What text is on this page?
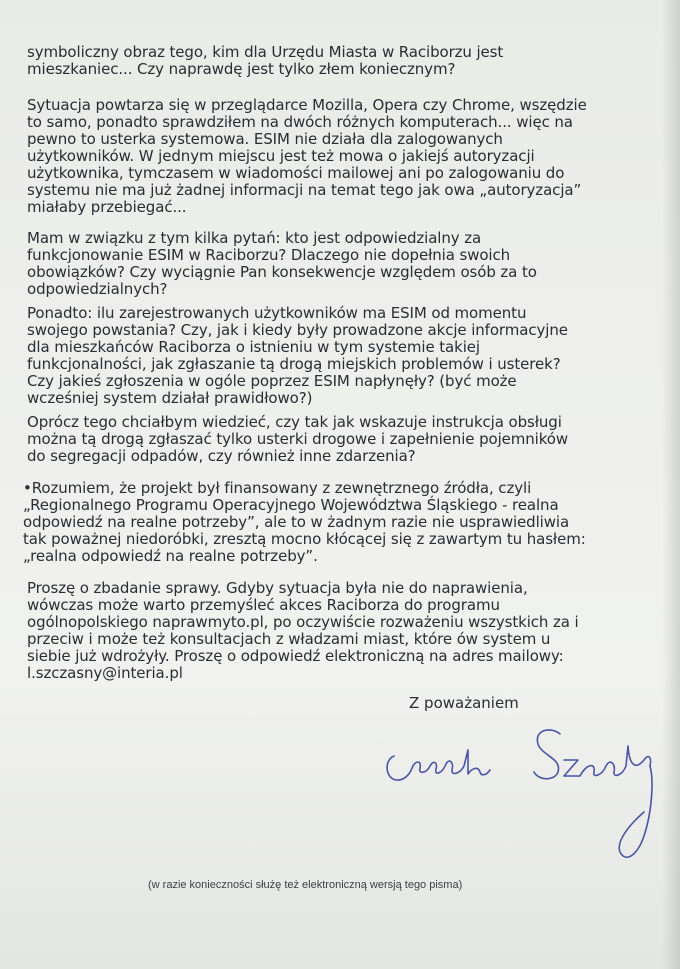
symboliczny obraz tego, kim dla Urzędu Miasta w Raciborzu jest
mieszkaniec... Czy naprawdę jest tylko złem koniecznym?

Sytuacja powtarza się w przeglądarce Mozilla, Opera czy Chrome, wszędzie
to samo, ponadto sprawdziłem na dwóch różnych komputerach... więc na
pewno to usterka systemowa. ESIM nie działa dla zalogowanych
użytkowników. W jednym miejscu jest też mowa o jakiejś autoryzacji
użytkownika, tymczasem w wiadomości mailowej ani po zalogowaniu do
systemu nie ma już żadnej informacji na temat tego jak owa „autoryzacja”
miałaby przebiegać...

Mam w związku z tym kilka pytań: kto jest odpowiedzialny za
funkcjonowanie ESIM w Raciborzu? Dlaczego nie dopełnia swoich
obowiązków? Czy wyciągnie Pan konsekwencje względem osób za to
odpowiedzialnych?

Ponadto: ilu zarejestrowanych użytkowników ma ESIM od momentu
swojego powstania? Czy, jak i kiedy były prowadzone akcje informacyjne
dla mieszkańców Raciborza o istnieniu w tym systemie takiej
funkcjonalności, jak zgłaszanie tą drogą miejskich problemów i usterek?
Czy jakieś zgłoszenia w ogóle poprzez ESIM napłynęły? (być może
wcześniej system działał prawidłowo?)

Oprócz tego chciałbym wiedzieć, czy tak jak wskazuje instrukcja obsługi
można tą drogą zgłaszać tylko usterki drogowe i zapełnienie pojemników
do segregacji odpadów, czy również inne zdarzenia?

•Rozumiem, że projekt był finansowany z zewnętrznego źródła, czyli
„Regionalnego Programu Operacyjnego Województwa Śląskiego - realna
odpowiedź na realne potrzeby”, ale to w żadnym razie nie usprawiedliwia
tak poważnej niedoróbki, zresztą mocno kłócącej się z zawartym tu hasłem:
„realna odpowiedź na realne potrzeby”.

Proszę o zbadanie sprawy. Gdyby sytuacja była nie do naprawienia,
wówczas może warto przemyśleć akces Raciborza do programu
ogólnopolskiego naprawmyto.pl, po oczywiście rozważeniu wszystkich za i
przeciw i może też konsultacjach z władzami miast, które ów system u
siebie już wdrożyły. Proszę o odpowiedź elektroniczną na adres mailowy:
l.szczasny@interia.pl

Z poważaniem
(w razie konieczności służę też elektroniczną wersją tego pisma)
